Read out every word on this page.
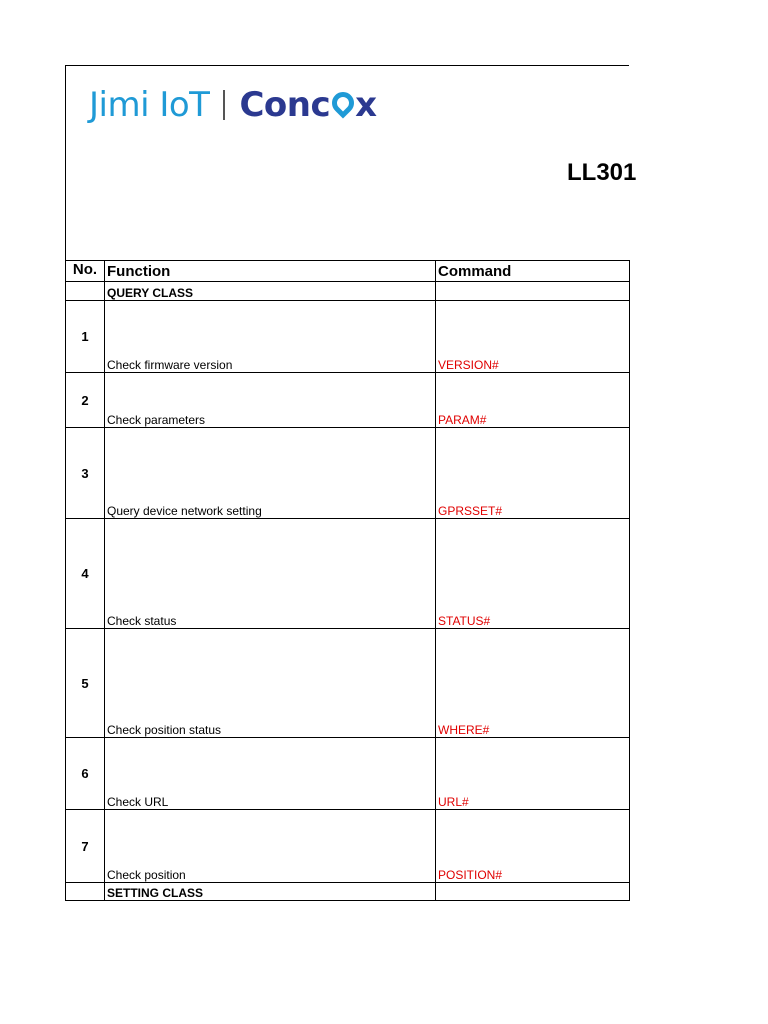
Jimi IoT Conc x
LL301
No.	Function	Command
	QUERY CLASS	
1	Check firmware version	VERSION#
2	Check parameters	PARAM#
3	Query device network setting	GPRSSET#
4	Check status	STATUS#
5	Check position status	WHERE#
6	Check URL	URL#
7	Check position	POSITION#
	SETTING CLASS	
